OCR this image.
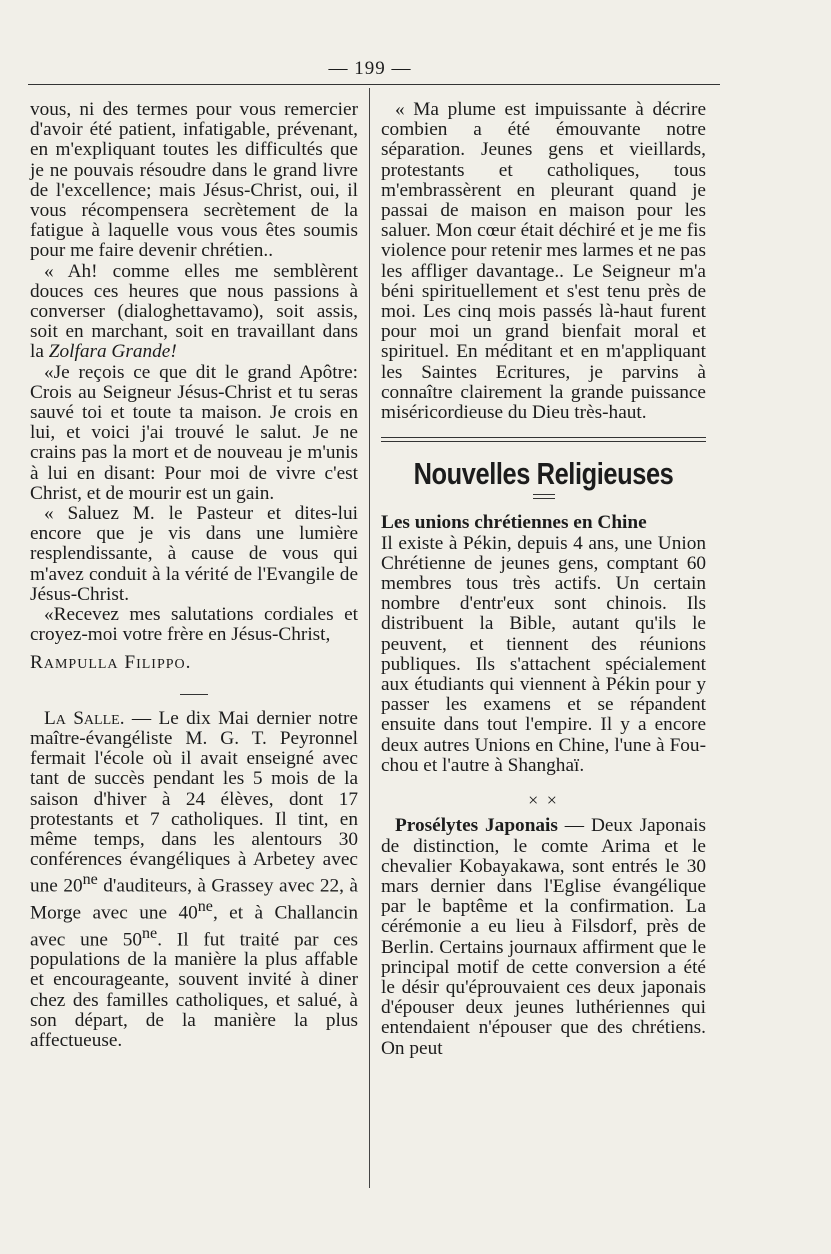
— 199 —

vous, ni des termes pour vous remercier d'avoir été patient, infatigable, prévenant, en m'expliquant toutes les difficultés que je ne pouvais résoudre dans le grand livre de l'excellence; mais Jésus-Christ, oui, il vous récompensera secrètement de la fatigue à laquelle vous vous êtes soumis pour me faire devenir chrétien..

« Ah! comme elles me semblèrent douces ces heures que nous passions à converser (dialoghettavamo), soit assis, soit en marchant, soit en travaillant dans la Zolfara Grande!

«Je reçois ce que dit le grand Apôtre: Crois au Seigneur Jésus-Christ et tu seras sauvé toi et toute ta maison. Je crois en lui, et voici j'ai trouvé le salut. Je ne crains pas la mort et de nouveau je m'unis à lui en disant: Pour moi de vivre c'est Christ, et de mourir est un gain.

« Saluez M. le Pasteur et dites-lui encore que je vis dans une lumière resplendissante, à cause de vous qui m'avez conduit à la vérité de l'Evangile de Jésus-Christ.

«Recevez mes salutations cordiales et croyez-moi votre frère en Jésus-Christ,

Rampulla Filippo.

La Salle. — Le dix Mai dernier notre maître-évangéliste M. G. T. Peyronnel fermait l'école où il avait enseigné avec tant de succès pendant les 5 mois de la saison d'hiver à 24 élèves, dont 17 protestants et 7 catholiques. Il tint, en même temps, dans les alentours 30 conférences évangéliques à Arbetey avec une $20^{ne}$ d'auditeurs, à Grassey avec 22, à Morge avec une $40^{ne}$, et à Challancin avec une $50^{ne}$. Il fut traité par ces populations de la manière la plus affable et encourageante, souvent invité à diner chez des familles catholiques, et salué, à son départ, de la manière la plus affectueuse.

« Ma plume est impuissante à décrire combien a été émouvante notre séparation. Jeunes gens et vieillards, protestants et catholiques, tous m'embrassèrent en pleurant quand je passai de maison en maison pour les saluer. Mon cœur était déchiré et je me fis violence pour retenir mes larmes et ne pas les affliger davantage.. Le Seigneur m'a béni spirituellement et s'est tenu près de moi. Les cinq mois passés là-haut furent pour moi un grand bienfait moral et spirituel. En méditant et en m'appliquant les Saintes Ecritures, je parvins à connaître clairement la grande puissance miséricordieuse du Dieu très-haut.

Nouvelles Religieuses

Les unions chrétiennes en Chine

Il existe à Pékin, depuis 4 ans, une Union Chrétienne de jeunes gens, comptant 60 membres tous très actifs. Un certain nombre d'entr'eux sont chinois. Ils distribuent la Bible, autant qu'ils le peuvent, et tiennent des réunions publiques. Ils s'attachent spécialement aux étudiants qui viennent à Pékin pour y passer les examens et se répandent ensuite dans tout l'empire. Il y a encore deux autres Unions en Chine, l'une à Fou-chou et l'autre à Shanghaï.

× ×

Prosélytes Japonais — Deux Japonais de distinction, le comte Arima et le chevalier Kobayakawa, sont entrés le 30 mars dernier dans l'Eglise évangélique par le baptême et la confirmation. La cérémonie a eu lieu à Filsdorf, près de Berlin. Certains journaux affirment que le principal motif de cette conversion a été le désir qu'éprouvaient ces deux japonais d'épouser deux jeunes luthériennes qui entendaient n'épouser que des chrétiens. On peut
